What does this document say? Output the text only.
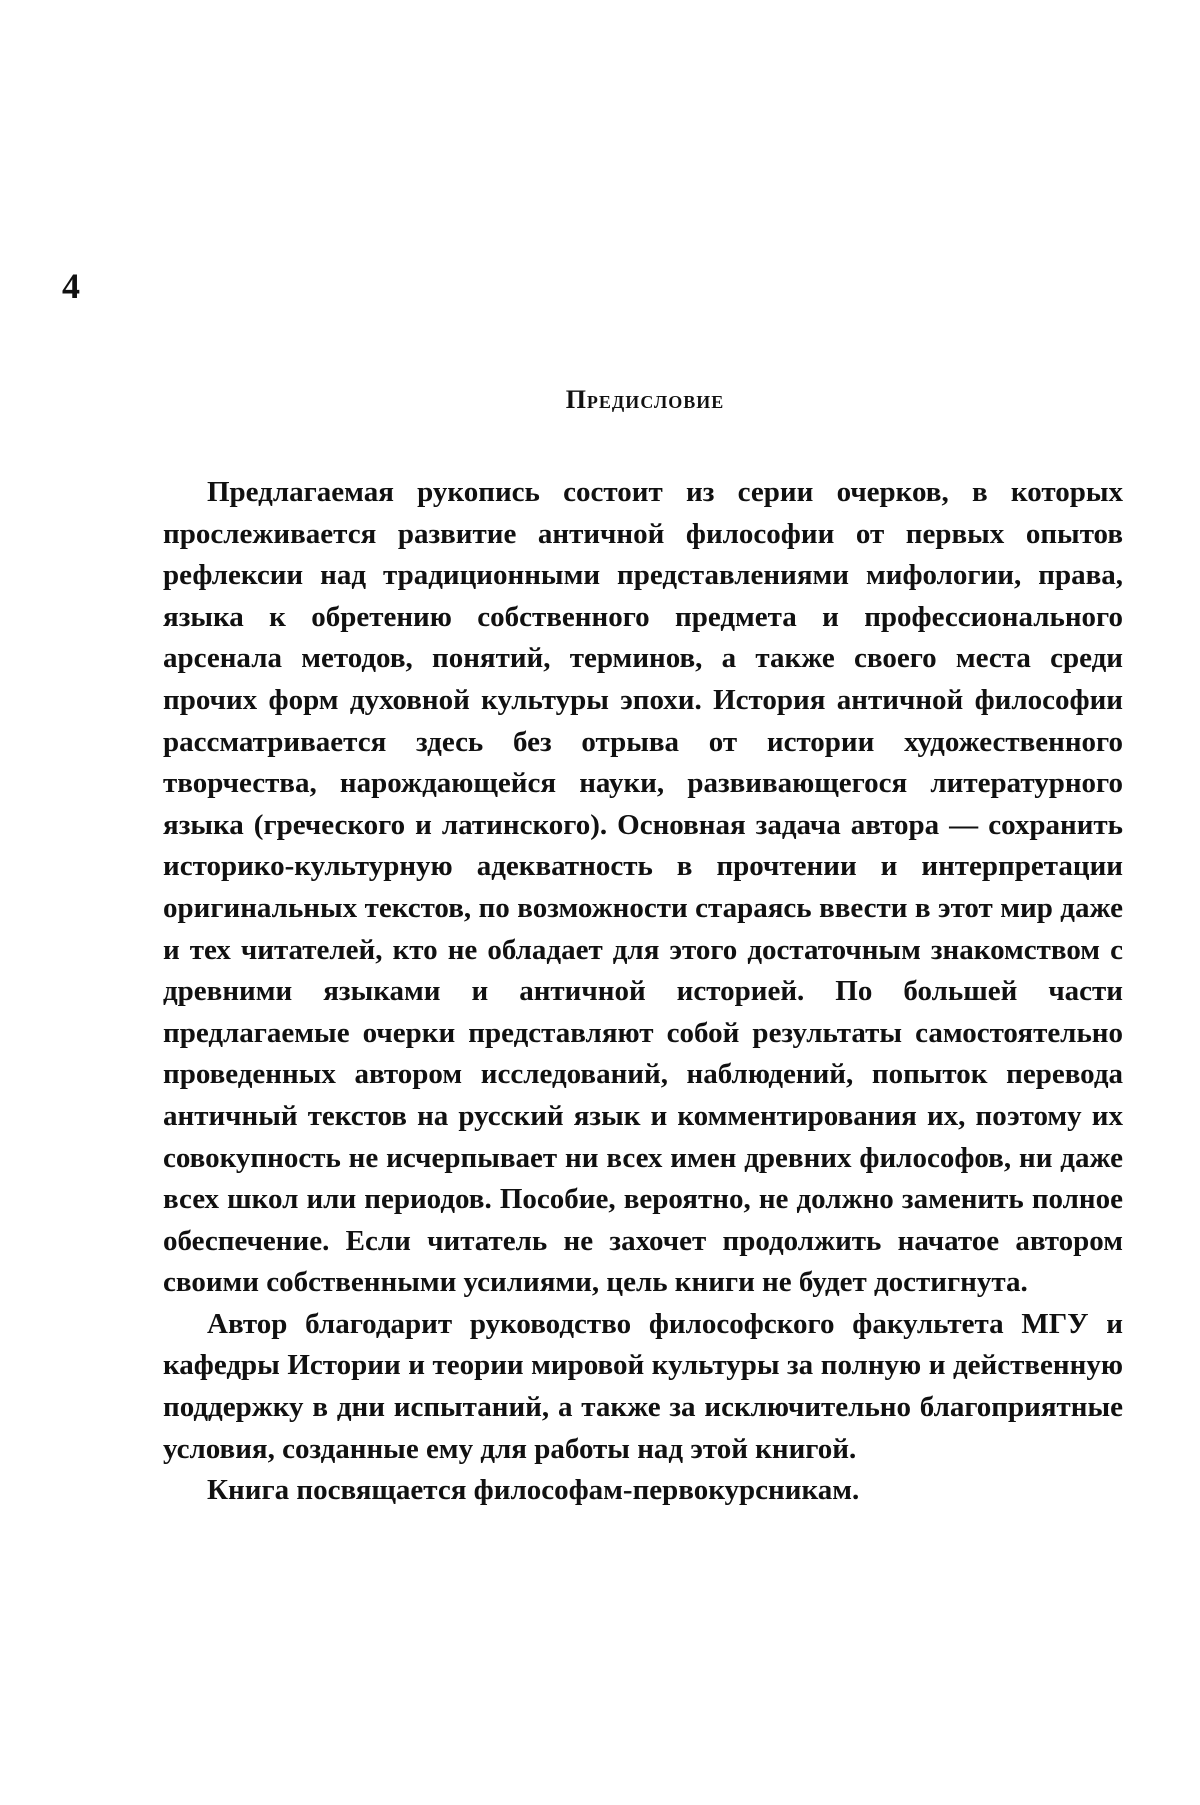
4
Предисловие

Предлагаемая рукопись состоит из серии очерков, в которых прослеживается развитие античной философии от первых опытов рефлексии над традиционными представлениями мифологии, права, языка к обретению собственного предмета и профессионального арсенала методов, понятий, терминов, а также своего места среди прочих форм духовной культуры эпохи. История античной философии рассматривается здесь без отрыва от истории художественного творчества, нарождающейся науки, развивающегося литературного языка (греческого и латинского). Основная задача автора — сохранить историко-культурную адекватность в прочтении и интерпретации оригинальных текстов, по возможности стараясь ввести в этот мир даже и тех читателей, кто не обладает для этого достаточным знакомством с древними языками и античной историей. По большей части предлагаемые очерки представляют собой результаты самостоятельно проведенных автором исследований, наблюдений, попыток перевода античный текстов на русский язык и комментирования их, поэтому их совокупность не исчерпывает ни всех имен древних философов, ни даже всех школ или периодов. Пособие, вероятно, не должно заменить полное обеспечение. Если читатель не захочет продолжить начатое автором своими собственными усилиями, цель книги не будет достигнута.

Автор благодарит руководство философского факультета МГУ и кафедры Истории и теории мировой культуры за полную и действенную поддержку в дни испытаний, а также за исключительно благоприятные условия, созданные ему для работы над этой книгой.

Книга посвящается философам-первокурсникам.
